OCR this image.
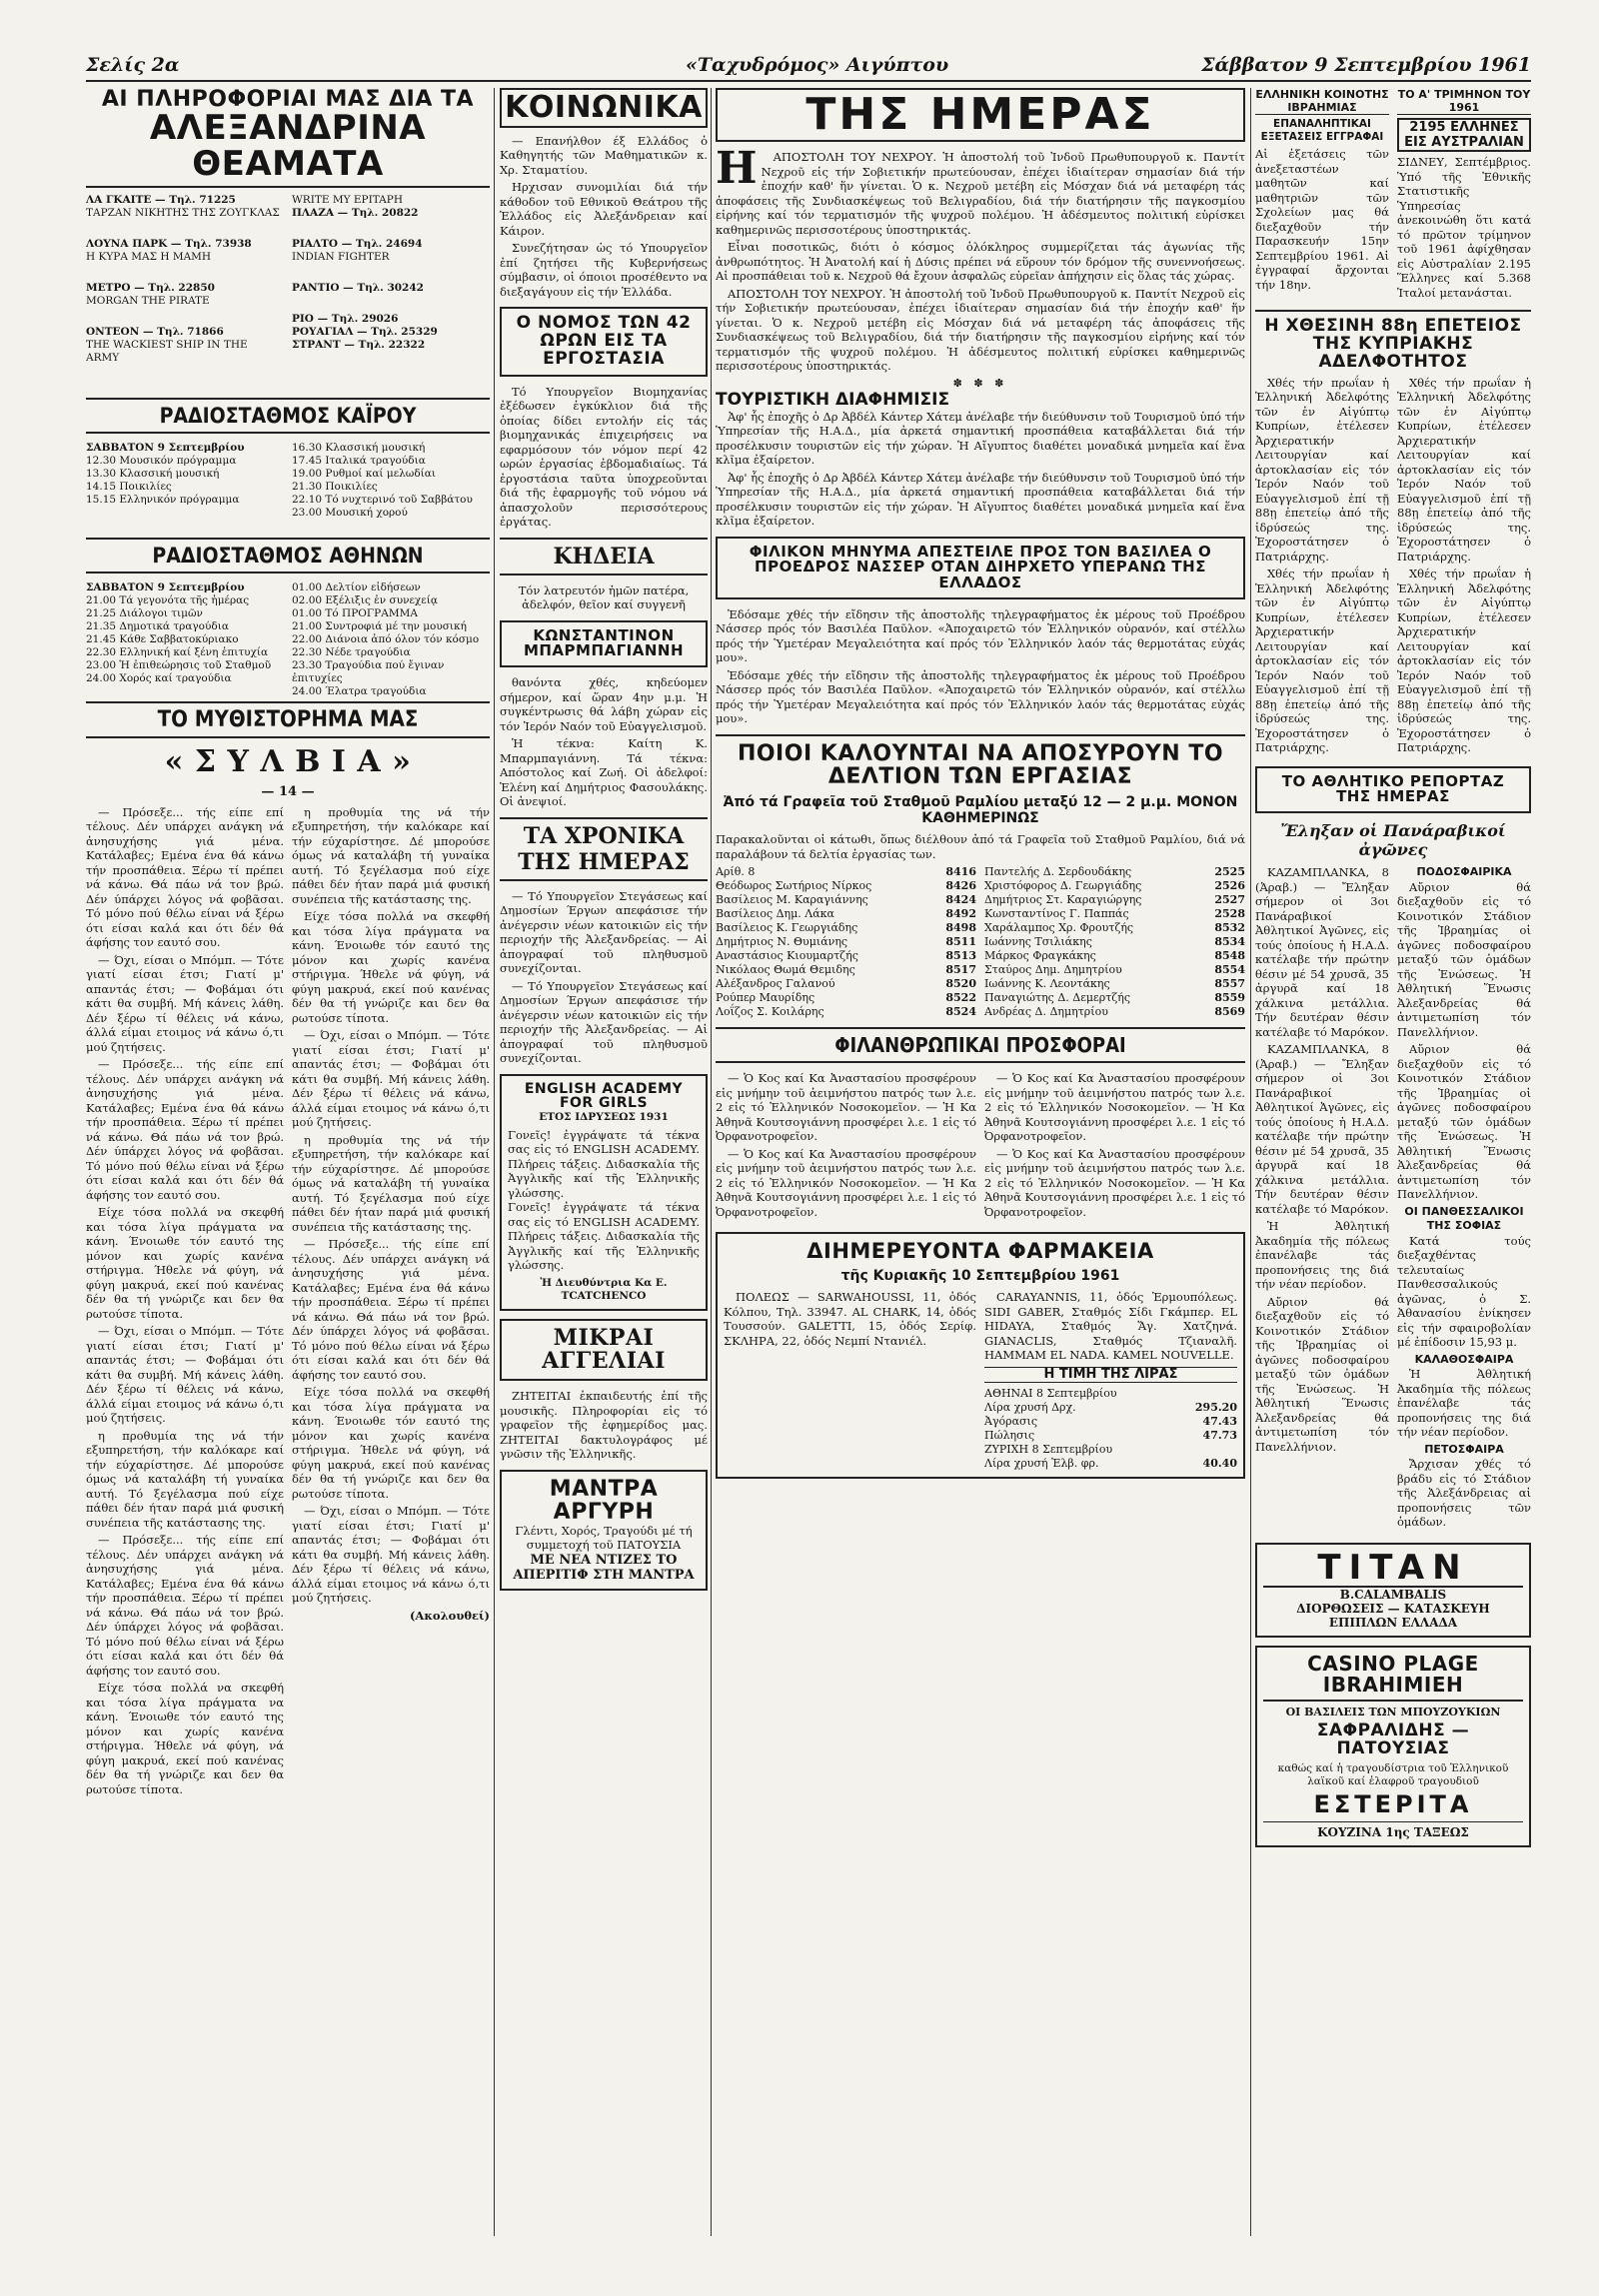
Σελίς 2α	«Ταχυδρόμος» Αιγύπτου	Σάββατον 9 Σεπτεμβρίου 1961
ΑΙ ΠΛΗΡΟΦΟΡΙΑΙ ΜΑΣ ΔΙΑ ΤΑ
ΑΛΕΞΑΝΔΡΙΝΑ ΘΕΑΜΑΤΑ
ΛΑ ΓΚΑΙΤΕ — Τηλ. 71225
ΤΑΡΖΑΝ ΝΙΚΗΤΗΣ ΤΗΣ ΖΟΥΓΚΛΑΣ
ΛΟΥΝΑ ΠΑΡΚ — Τηλ. 73938
Η ΚΥΡΑ ΜΑΣ Η ΜΑΜΗ
ΜΕΤΡΟ — Τηλ. 22850
MORGAN THE PIRATE
ΟΝΤΕΟΝ — Τηλ. 71866
THE WACKIEST SHIP IN THE ARMY
WRITE MY EPITAPH
ΠΛΑΖΑ — Τηλ. 20822
ΡΙΑΛΤΟ — Τηλ. 24694
INDIAN FIGHTER
ΡΑΝΤΙΟ — Τηλ. 30242
PIO — Τηλ. 29026
ΡΟΥΑΓΙΑΛ — Τηλ. 25329
ΣΤΡΑΝΤ — Τηλ. 22322
ΡΑΔΙΟΣΤΑΘΜΟΣ ΚΑΪΡΟΥ
ΣΑΒΒΑΤΟΝ 9 Σεπτεμβρίου
12.30 Μουσικόν πρόγραμμα
13.30 Κλασσική μουσική
14.15 Ποικιλίες
15.15 Ελληνικόν πρόγραμμα
16.30 Κλασσική μουσική
17.45 Ιταλικά τραγούδια
19.00 Ρυθμοί καί μελωδίαι
21.30 Ποικιλίες
22.10 Τό νυχτερινό τοῦ Σαββάτου
23.00 Μουσική χορού
ΡΑΔΙΟΣΤΑΘΜΟΣ ΑΘΗΝΩΝ
ΣΑΒΒΑΤΟΝ 9 Σεπτεμβρίου
21.00 Τά γεγονότα τῆς ἡμέρας
21.25 Διάλογοι τιμῶν
21.35 Δημοτικά τραγούδια
21.45 Κάθε Σαββατοκύριακο
22.30 Ελληνική καί ξένη ἐπιτυχία
23.00 Ἡ ἐπιθεώρησις τοῦ Σταθμοῦ
24.00 Χορός καί τραγούδια
01.00 Δελτίον εἰδήσεων
02.00 Εξέλιξις ἐν συνεχείᾳ
01.00 Τό ΠΡΟΓΡΑΜΜΑ
21.00 Συντροφιά μέ την μουσική
22.00 Διάνοια ἀπό όλον τόν κόσμο
22.30 Νέδε τραγούδια
23.30 Τραγούδια πού ἔγιναν ἐπιτυχίες
24.00 Έλατρα τραγούδια
ΤΟ ΜΥΘΙΣΤΟΡΗΜΑ ΜΑΣ
« Σ Υ Λ Β Ι Α »
— 14 —

— Πρόσεξε... τής είπε επί τέλους. Δέν υπάρχει ανάγκη νά ἀνησυχήσης γιά μένα. Κατάλαβες; Εμένα ένα θά κάνω τήν προσπάθεια. Ξέρω τί πρέπει νά κάνω. Θά πάω νά τον βρώ. Δέν ύπάρχει λόγος νά φοβᾶσαι. Τό μόνο πού θέλω είναι νά ξέρω ότι είσαι καλά και ότι δέν θά άφήσης τον εαυτό σου.

— Όχι, είσαι ο Μπόμπ. — Τότε γιατί είσαι έτσι; Γιατί μ' απαντάς έτσι; — Φοβάμαι ότι κάτι θα συμβή. Μή κάνεις λάθη. Δέν ξέρω τί θέλεις νά κάνω, άλλά είμαι ετοιμος νά κάνω ό,τι μού ζητήσεις.

— Πρόσεξε... τής είπε επί τέλους. Δέν υπάρχει ανάγκη νά ἀνησυχήσης γιά μένα. Κατάλαβες; Εμένα ένα θά κάνω τήν προσπάθεια. Ξέρω τί πρέπει νά κάνω. Θά πάω νά τον βρώ. Δέν ύπάρχει λόγος νά φοβᾶσαι. Τό μόνο πού θέλω είναι νά ξέρω ότι είσαι καλά και ότι δέν θά άφήσης τον εαυτό σου.

Είχε τόσα πολλά να σκεφθή και τόσα λίγα πράγματα να κάνη. Ένοιωθε τόν εαυτό της μόνον και χωρίς κανένα στήριγμα. Ήθελε νά φύγη, νά φύγη μακρυά, εκεί πού κανένας δέν θα τή γνώριζε και δεν θα ρωτούσε τίποτα.

— Όχι, είσαι ο Μπόμπ. — Τότε γιατί είσαι έτσι; Γιατί μ' απαντάς έτσι; — Φοβάμαι ότι κάτι θα συμβή. Μή κάνεις λάθη. Δέν ξέρω τί θέλεις νά κάνω, άλλά είμαι ετοιμος νά κάνω ό,τι μού ζητήσεις.

η προθυμία της νά τήν εξυπηρετήση, τήν καλόκαρε καί τήν εύχαρίστησε. Δέ μπορούσε όμως νά καταλάβη τή γυναίκα αυτή. Τό ξεγέλασμα πού είχε πάθει δέν ήταν παρά μιά φυσική συνέπεια τῆς κατάστασης της.

— Πρόσεξε... τής είπε επί τέλους. Δέν υπάρχει ανάγκη νά ἀνησυχήσης γιά μένα. Κατάλαβες; Εμένα ένα θά κάνω τήν προσπάθεια. Ξέρω τί πρέπει νά κάνω. Θά πάω νά τον βρώ. Δέν ύπάρχει λόγος νά φοβᾶσαι. Τό μόνο πού θέλω είναι νά ξέρω ότι είσαι καλά και ότι δέν θά άφήσης τον εαυτό σου.

Είχε τόσα πολλά να σκεφθή και τόσα λίγα πράγματα να κάνη. Ένοιωθε τόν εαυτό της μόνον και χωρίς κανένα στήριγμα. Ήθελε νά φύγη, νά φύγη μακρυά, εκεί πού κανένας δέν θα τή γνώριζε και δεν θα ρωτούσε τίποτα.

η προθυμία της νά τήν εξυπηρετήση, τήν καλόκαρε καί τήν εύχαρίστησε. Δέ μπορούσε όμως νά καταλάβη τή γυναίκα αυτή. Τό ξεγέλασμα πού είχε πάθει δέν ήταν παρά μιά φυσική συνέπεια τῆς κατάστασης της.

Είχε τόσα πολλά να σκεφθή και τόσα λίγα πράγματα να κάνη. Ένοιωθε τόν εαυτό της μόνον και χωρίς κανένα στήριγμα. Ήθελε νά φύγη, νά φύγη μακρυά, εκεί πού κανένας δέν θα τή γνώριζε και δεν θα ρωτούσε τίποτα.

— Όχι, είσαι ο Μπόμπ. — Τότε γιατί είσαι έτσι; Γιατί μ' απαντάς έτσι; — Φοβάμαι ότι κάτι θα συμβή. Μή κάνεις λάθη. Δέν ξέρω τί θέλεις νά κάνω, άλλά είμαι ετοιμος νά κάνω ό,τι μού ζητήσεις.

η προθυμία της νά τήν εξυπηρετήση, τήν καλόκαρε καί τήν εύχαρίστησε. Δέ μπορούσε όμως νά καταλάβη τή γυναίκα αυτή. Τό ξεγέλασμα πού είχε πάθει δέν ήταν παρά μιά φυσική συνέπεια τῆς κατάστασης της.

— Πρόσεξε... τής είπε επί τέλους. Δέν υπάρχει ανάγκη νά ἀνησυχήσης γιά μένα. Κατάλαβες; Εμένα ένα θά κάνω τήν προσπάθεια. Ξέρω τί πρέπει νά κάνω. Θά πάω νά τον βρώ. Δέν ύπάρχει λόγος νά φοβᾶσαι. Τό μόνο πού θέλω είναι νά ξέρω ότι είσαι καλά και ότι δέν θά άφήσης τον εαυτό σου.

Είχε τόσα πολλά να σκεφθή και τόσα λίγα πράγματα να κάνη. Ένοιωθε τόν εαυτό της μόνον και χωρίς κανένα στήριγμα. Ήθελε νά φύγη, νά φύγη μακρυά, εκεί πού κανένας δέν θα τή γνώριζε και δεν θα ρωτούσε τίποτα.

— Όχι, είσαι ο Μπόμπ. — Τότε γιατί είσαι έτσι; Γιατί μ' απαντάς έτσι; — Φοβάμαι ότι κάτι θα συμβή. Μή κάνεις λάθη. Δέν ξέρω τί θέλεις νά κάνω, άλλά είμαι ετοιμος νά κάνω ό,τι μού ζητήσεις.

(Ακολουθεί)

ΚΟΙΝΩΝΙΚΑ

— Επανήλθον έξ Ελλάδος ὁ Καθηγητής τῶν Μαθηματικῶν κ. Χρ. Σταματίου.

Ηρχισαν συνομιλίαι διά τήν κάθοδον τοῦ Εθνικοῦ Θεάτρου τῆς Ἑλλάδος εἰς Ἀλεξάνδρειαν καί Κάιρον.

Συνεζήτησαν ὡς τό Υπουργεῖον ἐπί ζητήσει τῆς Κυβερνήσεως σύμβασιν, οἱ όποιοι προσέθεντο να διεξαγάγουν εἰς τήν Ἑλλάδα.

Ο ΝΟΜΟΣ ΤΩΝ 42 ΩΡΩΝ ΕΙΣ ΤΑ ΕΡΓΟΣΤΑΣΙΑ

Τό Υπουργεῖον Βιομηχανίας ἐξέδωσεν ἐγκύκλιον διά τῆς ὁποίας δίδει εντολήν εἰς τάς βιομηχανικάς ἐπιχειρήσεις να εφαρμόσουν τόν νόμον περί 42 ωρών ἐργασίας ἐβδομαδιαίως. Τά ἐργοστάσια ταῦτα ὑποχρεοῦνται διά τῆς ἐφαρμογῆς τοῦ νόμου νά ἀπασχολοῦν περισσότερους ἐργάτας.

ΚΗΔΕΙΑ
Τόν λατρευτόν ἡμῶν πατέρα, ἀδελφόν, θεῖον καί συγγενῆ
ΚΩΝΣΤΑΝΤΙΝΟΝ ΜΠΑΡΜΠΑΓΙΑΝΝΗ

θανόντα χθές, κηδεύομεν σήμερον, καί ὥραν 4ην μ.μ. Ἡ συγκέντρωσις θά λάβη χώραν εἰς τόν Ἱερόν Ναόν τοῦ Εὐαγγελισμοῦ.

Ἡ τέκνα: Καίτη Κ. Μπαρμπαγιάννη. Τά τέκνα: Απόστολος καί Ζωή. Οἱ ἀδελφοί: Ἑλένη καί Δημήτριος Φασουλάκης. Οἱ ἀνεψιοί.

ΤΑ ΧΡΟΝΙΚΑ ΤΗΣ ΗΜΕΡΑΣ

— Τό Υπουργεῖον Στεγάσεως καί Δημοσίων Έργων απεφάσισε τήν ἀνέγερσιν νέων κατοικιῶν εἰς τήν περιοχήν τῆς Ἀλεξανδρείας. — Αἱ ἀπογραφαί τοῦ πληθυσμοῦ συνεχίζονται.

— Τό Υπουργεῖον Στεγάσεως καί Δημοσίων Έργων απεφάσισε τήν ἀνέγερσιν νέων κατοικιῶν εἰς τήν περιοχήν τῆς Ἀλεξανδρείας. — Αἱ ἀπογραφαί τοῦ πληθυσμοῦ συνεχίζονται.

ENGLISH ACADEMY FOR GIRLS
ΕΤΟΣ ΙΔΡΥΣΕΩΣ 1931
Γονεῖς! ἐγγράψατε τά τέκνα σας εἰς τό ENGLISH ACADEMY. Πλήρεις τάξεις. Διδασκαλία τῆς Ἀγγλικῆς καί τῆς Ἑλληνικῆς γλώσσης.
Γονεῖς! ἐγγράψατε τά τέκνα σας εἰς τό ENGLISH ACADEMY. Πλήρεις τάξεις. Διδασκαλία τῆς Ἀγγλικῆς καί τῆς Ἑλληνικῆς γλώσσης.
Ἡ Διευθύντρια Κα E. TCATCHENCO
ΜΙΚΡΑΙ ΑΓΓΕΛΙΑΙ

ΖΗΤΕΙΤΑΙ ἐκπαιδευτής ἐπί τῆς μουσικῆς. Πληροφορίαι εἰς τό γραφεῖον τῆς ἐφημερίδος μας. ΖΗΤΕΙΤΑΙ δακτυλογράφος μέ γνῶσιν τῆς Ἑλληνικῆς.

ΜΑΝΤΡΑ ΑΡΓΥΡΗ
Γλέντι, Χορός, Τραγούδι μέ τή συμμετοχή τοῦ ΠΑΤΟΥΣΙΑ
ΜΕ ΝΕΑ ΝΤΙΖΕΣ ΤΟ ΑΠΕΡΙΤΙΦ ΣΤΗ ΜΑΝΤΡΑ
ΤΗΣ ΗΜΕΡΑΣ
Η	ΑΠΟΣΤΟΛΗ ΤΟΥ ΝΕΧΡΟΥ. Ἡ ἀποστολή τοῦ Ἰνδοῦ Πρωθυπουργοῦ κ. Παντίτ Νεχροῦ εἰς τήν Σοβιετικήν πρωτεύουσαν, ἐπέχει ἰδιαίτεραν σημασίαν διά τήν ἐποχήν καθ' ἥν γίνεται. Ὁ κ. Νεχροῦ μετέβη εἰς Μόσχαν διά νά μεταφέρη τάς ἀποφάσεις τῆς Συνδιασκέψεως τοῦ Βελιγραδίου, διά τήν διατήρησιν τῆς παγκοσμίου εἰρήνης καί τόν τερματισμόν τῆς ψυχροῦ πολέμου. Ἡ ἀδέσμευτος πολιτική εὑρίσκει καθημερινῶς περισσοτέρους ὑποστηρικτάς.

Εἶναι ποσοτικῶς, διότι ὁ κόσμος ὁλόκληρος συμμερίζεται τάς ἀγωνίας τῆς ἀνθρωπότητος. Ἡ Ἀνατολή καί ἡ Δύσις πρέπει νά εὕρουν τόν δρόμον τῆς συνεννοήσεως. Αἱ προσπάθειαι τοῦ κ. Νεχροῦ θά ἔχουν ἀσφαλῶς εὐρεῖαν ἀπήχησιν εἰς ὅλας τάς χώρας.

ΑΠΟΣΤΟΛΗ ΤΟΥ ΝΕΧΡΟΥ. Ἡ ἀποστολή τοῦ Ἰνδοῦ Πρωθυπουργοῦ κ. Παντίτ Νεχροῦ εἰς τήν Σοβιετικήν πρωτεύουσαν, ἐπέχει ἰδιαίτεραν σημασίαν διά τήν ἐποχήν καθ' ἥν γίνεται. Ὁ κ. Νεχροῦ μετέβη εἰς Μόσχαν διά νά μεταφέρη τάς ἀποφάσεις τῆς Συνδιασκέψεως τοῦ Βελιγραδίου, διά τήν διατήρησιν τῆς παγκοσμίου εἰρήνης καί τόν τερματισμόν τῆς ψυχροῦ πολέμου. Ἡ ἀδέσμευτος πολιτική εὑρίσκει καθημερινῶς περισσοτέρους ὑποστηρικτάς.

✽ ✽ ✽
ΤΟΥΡΙΣΤΙΚΗ ΔΙΑΦΗΜΙΣΙΣ

Ἀφ' ἧς ἐποχῆς ὁ Δρ Ἀβδέλ Κάντερ Χάτεμ ἀνέλαβε τήν διεύθυνσιν τοῦ Τουρισμοῦ ὑπό τήν Ὑπηρεσίαν τῆς Η.Α.Δ., μία ἀρκετά σημαντική προσπάθεια καταβάλλεται διά τήν προσέλκυσιν τουριστῶν εἰς τήν χώραν. Ἡ Αἴγυπτος διαθέτει μοναδικά μνημεῖα καί ἕνα κλῖμα ἐξαίρετον.

Ἀφ' ἧς ἐποχῆς ὁ Δρ Ἀβδέλ Κάντερ Χάτεμ ἀνέλαβε τήν διεύθυνσιν τοῦ Τουρισμοῦ ὑπό τήν Ὑπηρεσίαν τῆς Η.Α.Δ., μία ἀρκετά σημαντική προσπάθεια καταβάλλεται διά τήν προσέλκυσιν τουριστῶν εἰς τήν χώραν. Ἡ Αἴγυπτος διαθέτει μοναδικά μνημεῖα καί ἕνα κλῖμα ἐξαίρετον.

ΦΙΛΙΚΟΝ ΜΗΝΥΜΑ ΑΠΕΣΤΕΙΛΕ ΠΡΟΣ ΤΟΝ ΒΑΣΙΛΕΑ Ο ΠΡΟΕΔΡΟΣ ΝΑΣΣΕΡ ΟΤΑΝ ΔΙΗΡΧΕΤΟ ΥΠΕΡΑΝΩ ΤΗΣ ΕΛΛΑΔΟΣ

Ἐδόσαμε χθές τήν εἴδησιν τῆς ἀποστολῆς τηλεγραφήματος ἐκ μέρους τοῦ Προέδρου Νάσσερ πρός τόν Βασιλέα Παῦλον. «Ἀποχαιρετῶ τόν Ἑλληνικόν οὐρανόν, καί στέλλω πρός τήν Ὑμετέραν Μεγαλειότητα καί πρός τόν Ἑλληνικόν λαόν τάς θερμοτάτας εὐχάς μου».

Ἐδόσαμε χθές τήν εἴδησιν τῆς ἀποστολῆς τηλεγραφήματος ἐκ μέρους τοῦ Προέδρου Νάσσερ πρός τόν Βασιλέα Παῦλον. «Ἀποχαιρετῶ τόν Ἑλληνικόν οὐρανόν, καί στέλλω πρός τήν Ὑμετέραν Μεγαλειότητα καί πρός τόν Ἑλληνικόν λαόν τάς θερμοτάτας εὐχάς μου».

ΠΟΙΟΙ ΚΑΛΟΥΝΤΑΙ ΝΑ ΑΠΟΣΥΡΟΥΝ ΤΟ ΔΕΛΤΙΟΝ ΤΩΝ ΕΡΓΑΣΙΑΣ
Ἀπό τά Γραφεῖα τοῦ Σταθμοῦ Ραμλίου μεταξύ 12 — 2 μ.μ. ΜΟΝΟΝ ΚΑΘΗΜΕΡΙΝΩΣ
Παρακαλοῦνται οἱ κάτωθι, ὅπως διέλθουν ἀπό τά Γραφεῖα τοῦ Σταθμοῦ Ραμλίου, διά νά παραλάβουν τά δελτία ἐργασίας των.
Αρίθ. 8	8416
Θεόδωρος Σωτήριος Νίρκος	8426
Βασίλειος Μ. Καραγιάννης	8424
Βασίλειος Δημ. Λάκα	8492
Βασίλειος Κ. Γεωργιάδης	8498
Δημήτριος Ν. Θυμιάνης	8511
Αναστάσιος Κιουμαρτζής	8513
Νικόλαος Θωμά Θεμιδης	8517
Αλέξανδρος Γαλανού	8520
Ρούπερ Μαυρίδης	8522
Λοΐζος Σ. Κοιλάρης	8524
Παντελής Δ. Σερδουδάκης	2525
Χριστόφορος Δ. Γεωργιάδης	2526
Δημήτριος Στ. Καραγιώργης	2527
Κωνσταντίνος Γ. Παππάς	2528
Χαράλαμπος Χρ. Φρουτζής	8532
Ιωάννης Τσιλιάκης	8534
Μάρκος Φραγκάκης	8548
Σταύρος Δημ. Δημητρίου	8554
Ιωάννης Κ. Λεοντάκης	8557
Παναγιώτης Δ. Δεμερτζής	8559
Ανδρέας Δ. Δημητρίου	8569
ΦΙΛΑΝΘΡΩΠΙΚΑΙ ΠΡΟΣΦΟΡΑΙ

— Ὁ Κος καί Κα Ἀναστασίου προσφέρουν εἰς μνήμην τοῦ ἀειμνήστου πατρός των λ.ε. 2 εἰς τό Ἑλληνικόν Νοσοκομεῖον. — Ἡ Κα Ἀθηνᾶ Κουτσογιάννη προσφέρει λ.ε. 1 εἰς τό Ὀρφανοτροφεῖον.

— Ὁ Κος καί Κα Ἀναστασίου προσφέρουν εἰς μνήμην τοῦ ἀειμνήστου πατρός των λ.ε. 2 εἰς τό Ἑλληνικόν Νοσοκομεῖον. — Ἡ Κα Ἀθηνᾶ Κουτσογιάννη προσφέρει λ.ε. 1 εἰς τό Ὀρφανοτροφεῖον.

— Ὁ Κος καί Κα Ἀναστασίου προσφέρουν εἰς μνήμην τοῦ ἀειμνήστου πατρός των λ.ε. 2 εἰς τό Ἑλληνικόν Νοσοκομεῖον. — Ἡ Κα Ἀθηνᾶ Κουτσογιάννη προσφέρει λ.ε. 1 εἰς τό Ὀρφανοτροφεῖον.

— Ὁ Κος καί Κα Ἀναστασίου προσφέρουν εἰς μνήμην τοῦ ἀειμνήστου πατρός των λ.ε. 2 εἰς τό Ἑλληνικόν Νοσοκομεῖον. — Ἡ Κα Ἀθηνᾶ Κουτσογιάννη προσφέρει λ.ε. 1 εἰς τό Ὀρφανοτροφεῖον.

ΔΙΗΜΕΡΕΥΟΝΤΑ ΦΑΡΜΑΚΕΙΑ
τῆς Κυριακῆς 10 Σεπτεμβρίου 1961

ΠΟΛΕΩΣ — SARWAHOUSSI, 11, ὁδός Κόλπου, Τηλ. 33947. AL CHARK, 14, ὁδός Τουσσούν. GALETTI, 15, ὁδός Σερίφ. ΣΚΛΗΡΑ, 22, ὁδός Νεμπί Ντανιέλ.

CARAYANNIS, 11, ὁδός Ἑρμουπόλεως. SIDI GABER, Σταθμός Σίδι Γκάμπερ. EL HIDAYA, Σταθμός Ἅγ. Χατζηνά. GIANACLIS, Σταθμός Τζιαναλῆ. HAMMAM EL NADA. KAMEL NOUVELLE.

Η ΤΙΜΗ ΤΗΣ ΛΙΡΑΣ
ΑΘΗΝΑΙ 8 Σεπτεμβρίου
Λίρα χρυσή Δρχ.	295.20
Ἀγόρασις	47.43
Πώλησις	47.73
ΖΥΡΙΧΗ 8 Σεπτεμβρίου
Λίρα χρυσή Ἐλβ. φρ.	40.40
ΕΛΛΗΝΙΚΗ ΚΟΙΝΟΤΗΣ ΙΒΡΑΗΜΙΑΣ
ΕΠΑΝΑΛΗΠΤΙΚΑΙ ΕΞΕΤΑΣΕΙΣ ΕΓΓΡΑΦΑΙ
Αἱ ἐξετάσεις τῶν ἀνεξεταστέων μαθητῶν καί μαθητριῶν τῶν Σχολείων μας θά διεξαχθοῦν τήν Παρασκευήν 15ην Σεπτεμβρίου 1961. Αἱ ἐγγραφαί ἄρχονται τήν 18ην.
ΤΟ Α' ΤΡΙΜΗΝΟΝ ΤΟΥ 1961
2195 ΕΛΛΗΝΕΣ ΕΙΣ ΑΥΣΤΡΑΛΙΑΝ
ΣΙΔΝΕΥ, Σεπτέμβριος. Ὑπό τῆς Ἐθνικῆς Στατιστικῆς Ὑπηρεσίας ἀνεκοινώθη ὅτι κατά τό πρῶτον τρίμηνον τοῦ 1961 ἀφίχθησαν εἰς Αὐστραλίαν 2.195 Ἕλληνες καί 5.368 Ἰταλοί μετανάσται.
Η ΧΘΕΣΙΝΗ 88η ΕΠΕΤΕΙΟΣ ΤΗΣ ΚΥΠΡΙΑΚΗΣ ΑΔΕΛΦΟΤΗΤΟΣ

Χθές τήν πρωΐαν ἡ Ἑλληνική Ἀδελφότης τῶν ἐν Αἰγύπτῳ Κυπρίων, ἐτέλεσεν Ἀρχιερατικήν Λειτουργίαν καί ἀρτοκλασίαν εἰς τόν Ἱερόν Ναόν τοῦ Εὐαγγελισμοῦ ἐπί τῇ 88ῃ ἐπετείῳ ἀπό τῆς ἱδρύσεώς της. Ἐχοροστάτησεν ὁ Πατριάρχης.

Χθές τήν πρωΐαν ἡ Ἑλληνική Ἀδελφότης τῶν ἐν Αἰγύπτῳ Κυπρίων, ἐτέλεσεν Ἀρχιερατικήν Λειτουργίαν καί ἀρτοκλασίαν εἰς τόν Ἱερόν Ναόν τοῦ Εὐαγγελισμοῦ ἐπί τῇ 88ῃ ἐπετείῳ ἀπό τῆς ἱδρύσεώς της. Ἐχοροστάτησεν ὁ Πατριάρχης.

Χθές τήν πρωΐαν ἡ Ἑλληνική Ἀδελφότης τῶν ἐν Αἰγύπτῳ Κυπρίων, ἐτέλεσεν Ἀρχιερατικήν Λειτουργίαν καί ἀρτοκλασίαν εἰς τόν Ἱερόν Ναόν τοῦ Εὐαγγελισμοῦ ἐπί τῇ 88ῃ ἐπετείῳ ἀπό τῆς ἱδρύσεώς της. Ἐχοροστάτησεν ὁ Πατριάρχης.

Χθές τήν πρωΐαν ἡ Ἑλληνική Ἀδελφότης τῶν ἐν Αἰγύπτῳ Κυπρίων, ἐτέλεσεν Ἀρχιερατικήν Λειτουργίαν καί ἀρτοκλασίαν εἰς τόν Ἱερόν Ναόν τοῦ Εὐαγγελισμοῦ ἐπί τῇ 88ῃ ἐπετείῳ ἀπό τῆς ἱδρύσεώς της. Ἐχοροστάτησεν ὁ Πατριάρχης.

ΤΟ ΑΘΛΗΤΙΚΟ ΡΕΠΟΡΤΑΖ ΤΗΣ ΗΜΕΡΑΣ
Ἔληξαν οἱ Πανάραβικοί ἀγῶνες

ΚΑΖΑΜΠΛΑΝΚΑ, 8 (Ἀραβ.) — Ἔληξαν σήμερον οἱ 3οι Πανάραβικοί Ἀθλητικοί Ἀγῶνες, εἰς τούς ὁποίους ἡ Η.Α.Δ. κατέλαβε τήν πρώτην θέσιν μέ 54 χρυσᾶ, 35 ἀργυρᾶ καί 18 χάλκινα μετάλλια. Τήν δευτέραν θέσιν κατέλαβε τό Μαρόκον.

ΚΑΖΑΜΠΛΑΝΚΑ, 8 (Ἀραβ.) — Ἔληξαν σήμερον οἱ 3οι Πανάραβικοί Ἀθλητικοί Ἀγῶνες, εἰς τούς ὁποίους ἡ Η.Α.Δ. κατέλαβε τήν πρώτην θέσιν μέ 54 χρυσᾶ, 35 ἀργυρᾶ καί 18 χάλκινα μετάλλια. Τήν δευτέραν θέσιν κατέλαβε τό Μαρόκον.

Ἡ Ἀθλητική Ἀκαδημία τῆς πόλεως ἐπανέλαβε τάς προπονήσεις της διά τήν νέαν περίοδον.

Αὔριον θά διεξαχθοῦν εἰς τό Κοινοτικόν Στάδιον τῆς Ἰβραημίας οἱ ἀγῶνες ποδοσφαίρου μεταξύ τῶν ὁμάδων τῆς Ἐνώσεως. Ἡ Ἀθλητική Ἕνωσις Ἀλεξανδρείας θά ἀντιμετωπίση τόν Πανελλήνιον.

ΠΟΔΟΣΦΑΙΡΙΚΑ

Αὔριον θά διεξαχθοῦν εἰς τό Κοινοτικόν Στάδιον τῆς Ἰβραημίας οἱ ἀγῶνες ποδοσφαίρου μεταξύ τῶν ὁμάδων τῆς Ἐνώσεως. Ἡ Ἀθλητική Ἕνωσις Ἀλεξανδρείας θά ἀντιμετωπίση τόν Πανελλήνιον.

Αὔριον θά διεξαχθοῦν εἰς τό Κοινοτικόν Στάδιον τῆς Ἰβραημίας οἱ ἀγῶνες ποδοσφαίρου μεταξύ τῶν ὁμάδων τῆς Ἐνώσεως. Ἡ Ἀθλητική Ἕνωσις Ἀλεξανδρείας θά ἀντιμετωπίση τόν Πανελλήνιον.

ΟΙ ΠΑΝΘΕΣΣΑΛΙΚΟΙ ΤΗΣ ΣΟΦΙΑΣ

Κατά τούς διεξαχθέντας τελευταίως Πανθεσσαλικούς ἀγῶνας, ὁ Σ. Ἀθανασίου ἐνίκησεν εἰς τήν σφαιροβολίαν μέ ἐπίδοσιν 15,93 μ.

ΚΑΛΑΘΟΣΦΑΙΡΑ

Ἡ Ἀθλητική Ἀκαδημία τῆς πόλεως ἐπανέλαβε τάς προπονήσεις της διά τήν νέαν περίοδον.

ΠΕΤΟΣΦΑΙΡΑ

Ἄρχισαν χθές τό βράδυ εἰς τό Στάδιον τῆς Ἀλεξάνδρειας αἱ προπονήσεις τῶν ὁμάδων.

TITAN
B.CALAMBALIS
ΔΙΟΡΘΩΣΕΙΣ — ΚΑΤΑΣΚΕΥΗ ΕΠΙΠΛΩΝ ΕΛΛΑΔΑ
CASINO PLAGE IBRAHIMIEH
ΟΙ ΒΑΣΙΛΕΙΣ ΤΩΝ ΜΠΟΥΖΟΥΚΙΩΝ
ΣΑΦΡΑΛΙΔΗΣ — ΠΑΤΟΥΣΙΑΣ
καθώς καί ἡ τραγουδίστρια τοῦ Ἑλληνικοῦ λαϊκοῦ καί ἐλαφροῦ τραγουδιοῦ
ΕΣΤΕΡΙΤΑ
ΚΟΥΖΙΝΑ 1ης ΤΑΞΕΩΣ
